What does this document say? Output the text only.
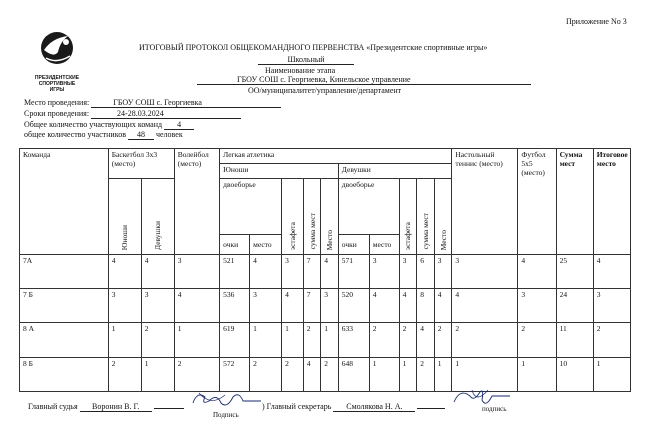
Приложение No 3
ПРЕЗИДЕНТСКИЕ
СПОРТИВНЫЕ
ИГРЫ
ИТОГОВЫЙ ПРОТОКОЛ ОБЩЕКОМАНДНОГО ПЕРВЕНСТВА «Президентские спортивные игры»
Школьный
Наименование этапа
ГБОУ СОШ с. Георгиевка, Кинельское управление
ОО/муниципалитет/управление/департамент
Место проведения:	ГБОУ СОШ с. Георгиевка
Сроки проведения:	24-28.03.2024
Общее количество участвующих команд 4
общее количество участников 48 человек
Команда	Баскетбол 3х3 (место)		Волейбол (место)	Легкая атлетика										Настольный теннис (место)	Футбол 5х5 (место)	Сумма мест	Итоговое место
				Юноши					Девушки								

	Юноши	Девушки		двоеборье		эстафета	сумма мест	Место	двоеборье		эстафета	сумма мест	Место				

				очки	место				очки	место							
7А	4	4	3	521	4	3	7	4	571	3	3	6	3	3	4	25	4
7 Б	3	3	4	536	3	4	7	3	520	4	4	8	4	4	3	24	3
8 А	1	2	1	619	1	1	2	1	633	2	2	4	2	2	2	11	2
8 Б	2	1	2	572	2	2	4	2	648	1	1	2	1	1	1	10	1
Главный судья Воронин В. Г.	) Главный секретарь Смолякова Н. А.
Подпись
подпись
